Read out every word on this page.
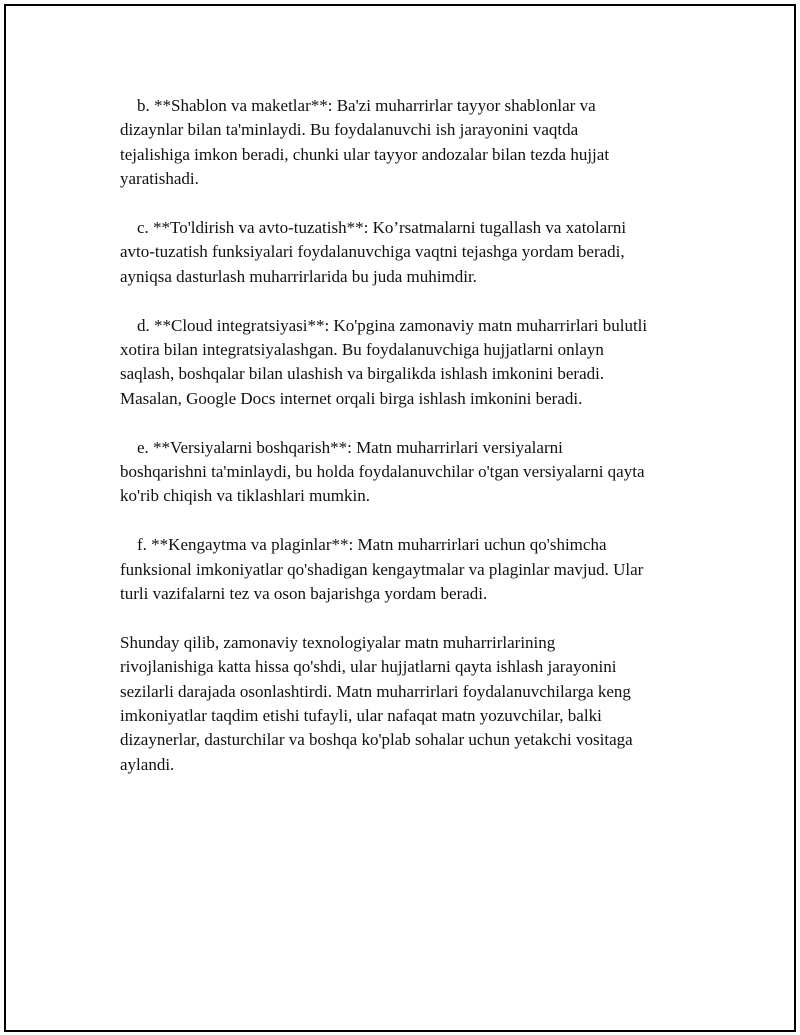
b. **Shablon va maketlar**: Ba'zi muharrirlar tayyor shablonlar va
dizaynlar bilan ta'minlaydi. Bu foydalanuvchi ish jarayonini vaqtda
tejalishiga imkon beradi, chunki ular tayyor andozalar bilan tezda hujjat
yaratishadi.

c. **To'ldirish va avto-tuzatish**: Ko’rsatmalarni tugallash va xatolarni
avto-tuzatish funksiyalari foydalanuvchiga vaqtni tejashga yordam beradi,
ayniqsa dasturlash muharrirlarida bu juda muhimdir.

d. **Cloud integratsiyasi**: Ko'pgina zamonaviy matn muharrirlari bulutli
xotira bilan integratsiyalashgan. Bu foydalanuvchiga hujjatlarni onlayn
saqlash, boshqalar bilan ulashish va birgalikda ishlash imkonini beradi.
Masalan, Google Docs internet orqali birga ishlash imkonini beradi.

e. **Versiyalarni boshqarish**: Matn muharrirlari versiyalarni
boshqarishni ta'minlaydi, bu holda foydalanuvchilar o'tgan versiyalarni qayta
ko'rib chiqish va tiklashlari mumkin.

f. **Kengaytma va plaginlar**: Matn muharrirlari uchun qo'shimcha
funksional imkoniyatlar qo'shadigan kengaytmalar va plaginlar mavjud. Ular
turli vazifalarni tez va oson bajarishga yordam beradi.

Shunday qilib, zamonaviy texnologiyalar matn muharrirlarining
rivojlanishiga katta hissa qo'shdi, ular hujjatlarni qayta ishlash jarayonini
sezilarli darajada osonlashtirdi. Matn muharrirlari foydalanuvchilarga keng
imkoniyatlar taqdim etishi tufayli, ular nafaqat matn yozuvchilar, balki
dizaynerlar, dasturchilar va boshqa ko'plab sohalar uchun yetakchi vositaga
aylandi.
